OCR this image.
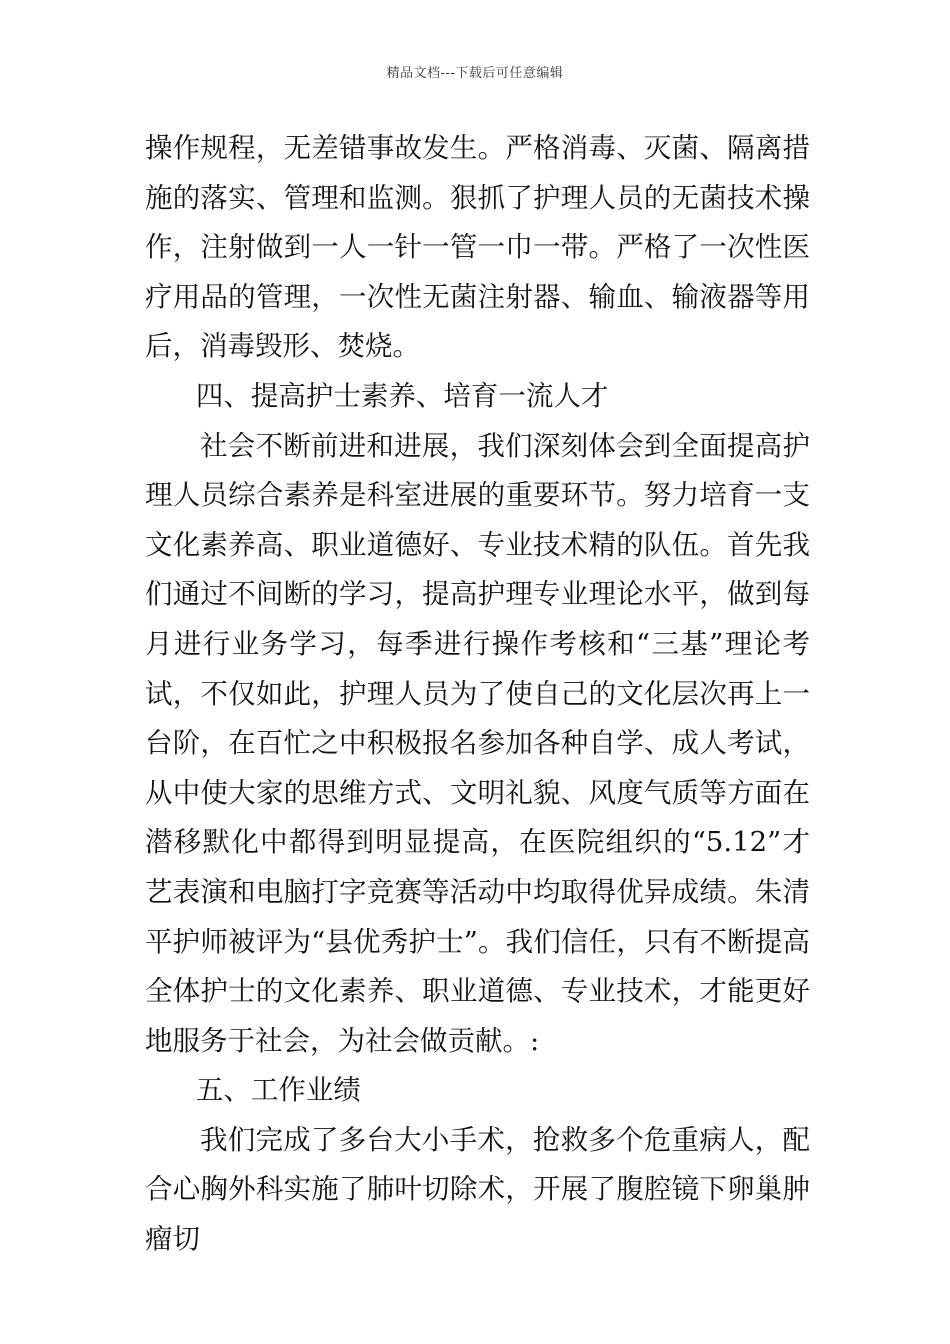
精品文档---下载后可任意编辑

操作规程，无差错事故发生。严格消毒、灭菌、隔离措施的落实、管理和监测。狠抓了护理人员的无菌技术操作，注射做到一人一针一管一巾一带。严格了一次性医疗用品的管理，一次性无菌注射器、输血、输液器等用后，消毒毁形、焚烧。

四、提高护士素养、培育一流人才

社会不断前进和进展，我们深刻体会到全面提高护理人员综合素养是科室进展的重要环节。努力培育一支文化素养高、职业道德好、专业技术精的队伍。首先我们通过不间断的学习，提高护理专业理论水平，做到每月进行业务学习，每季进行操作考核和“三基”理论考试，不仅如此，护理人员为了使自己的文化层次再上一台阶，在百忙之中积极报名参加各种自学、成人考试，从中使大家的思维方式、文明礼貌、风度气质等方面在潜移默化中都得到明显提高，在医院组织的“5.12”才艺表演和电脑打字竞赛等活动中均取得优异成绩。朱清平护师被评为“县优秀护士”。我们信任，只有不断提高全体护士的文化素养、职业道德、专业技术，才能更好地服务于社会，为社会做贡献。:

五、工作业绩

我们完成了多台大小手术，抢救多个危重病人，配合心胸外科实施了肺叶切除术，开展了腹腔镜下卵巢肿瘤切
